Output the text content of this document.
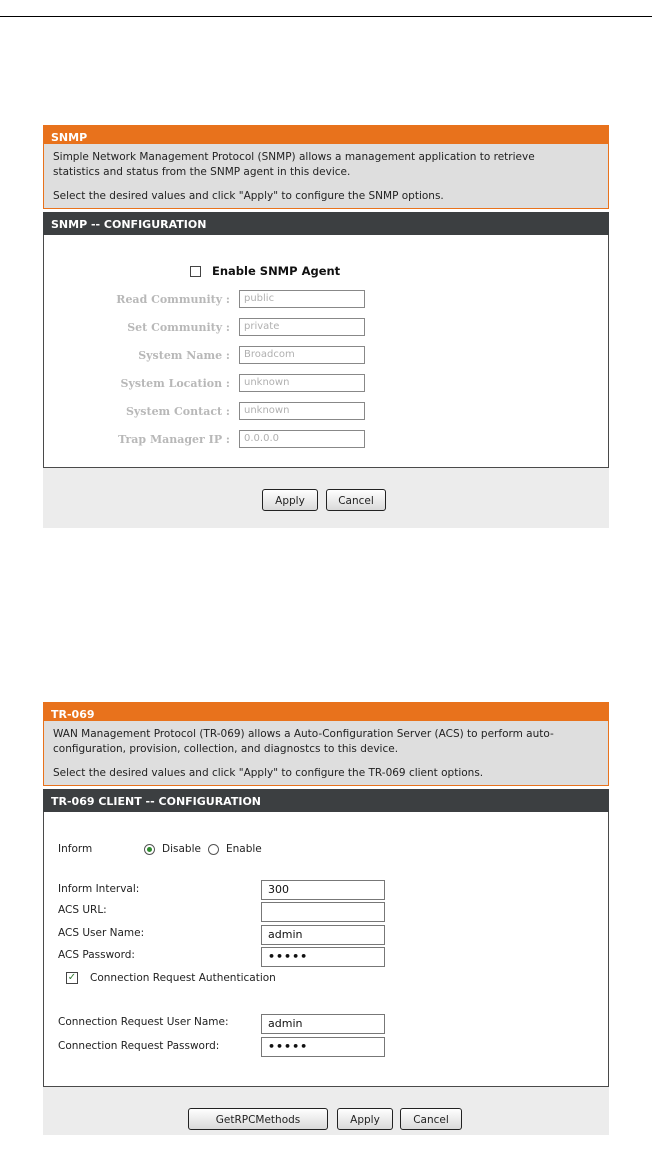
SNMP

Simple Network Management Protocol (SNMP) allows a management application to retrieve

statistics and status from the SNMP agent in this device.

Select the desired values and click "Apply" to configure the SNMP options.

SNMP -- CONFIGURATION
Enable SNMP Agent
Read Community :	public
Set Community :	private
System Name :	Broadcom
System Location :	unknown
System Contact :	unknown
Trap Manager IP :	0.0.0.0
Apply	Cancel
TR-069

WAN Management Protocol (TR-069) allows a Auto-Configuration Server (ACS) to perform auto-

configuration, provision, collection, and diagnostcs to this device.

Select the desired values and click "Apply" to configure the TR-069 client options.

TR-069 CLIENT -- CONFIGURATION
Inform	Disable Enable
Inform Interval:	300
ACS URL:
ACS User Name:	admin
ACS Password:	•••••
✓ Connection Request Authentication
Connection Request User Name:	admin
Connection Request Password:	•••••
GetRPCMethods	Apply	Cancel
